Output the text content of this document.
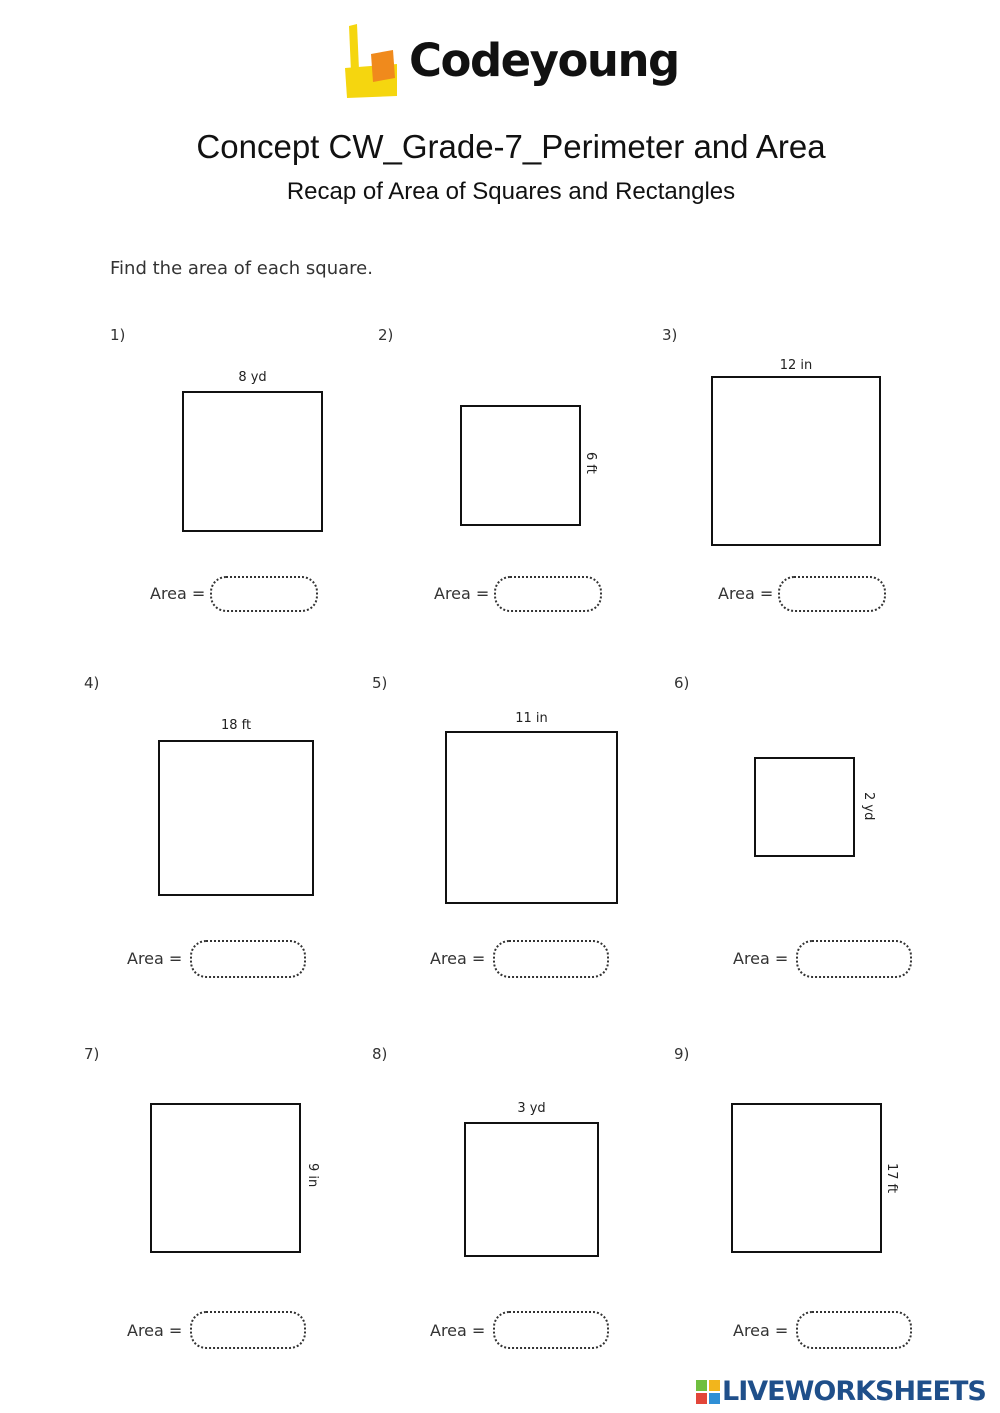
Codeyoung
Concept CW_Grade-7_Perimeter and Area
Recap of Area of Squares and Rectangles
Find the area of each square.
1)
8 yd
Area =
2)
6 ft
Area =
3)
12 in
Area =
4)
18 ft
Area =
5)
11 in
Area =
6)
2 yd
Area =
7)
9 in
Area =
8)
3 yd
Area =
9)
17 ft
Area =
LIVEWORKSHEETS
